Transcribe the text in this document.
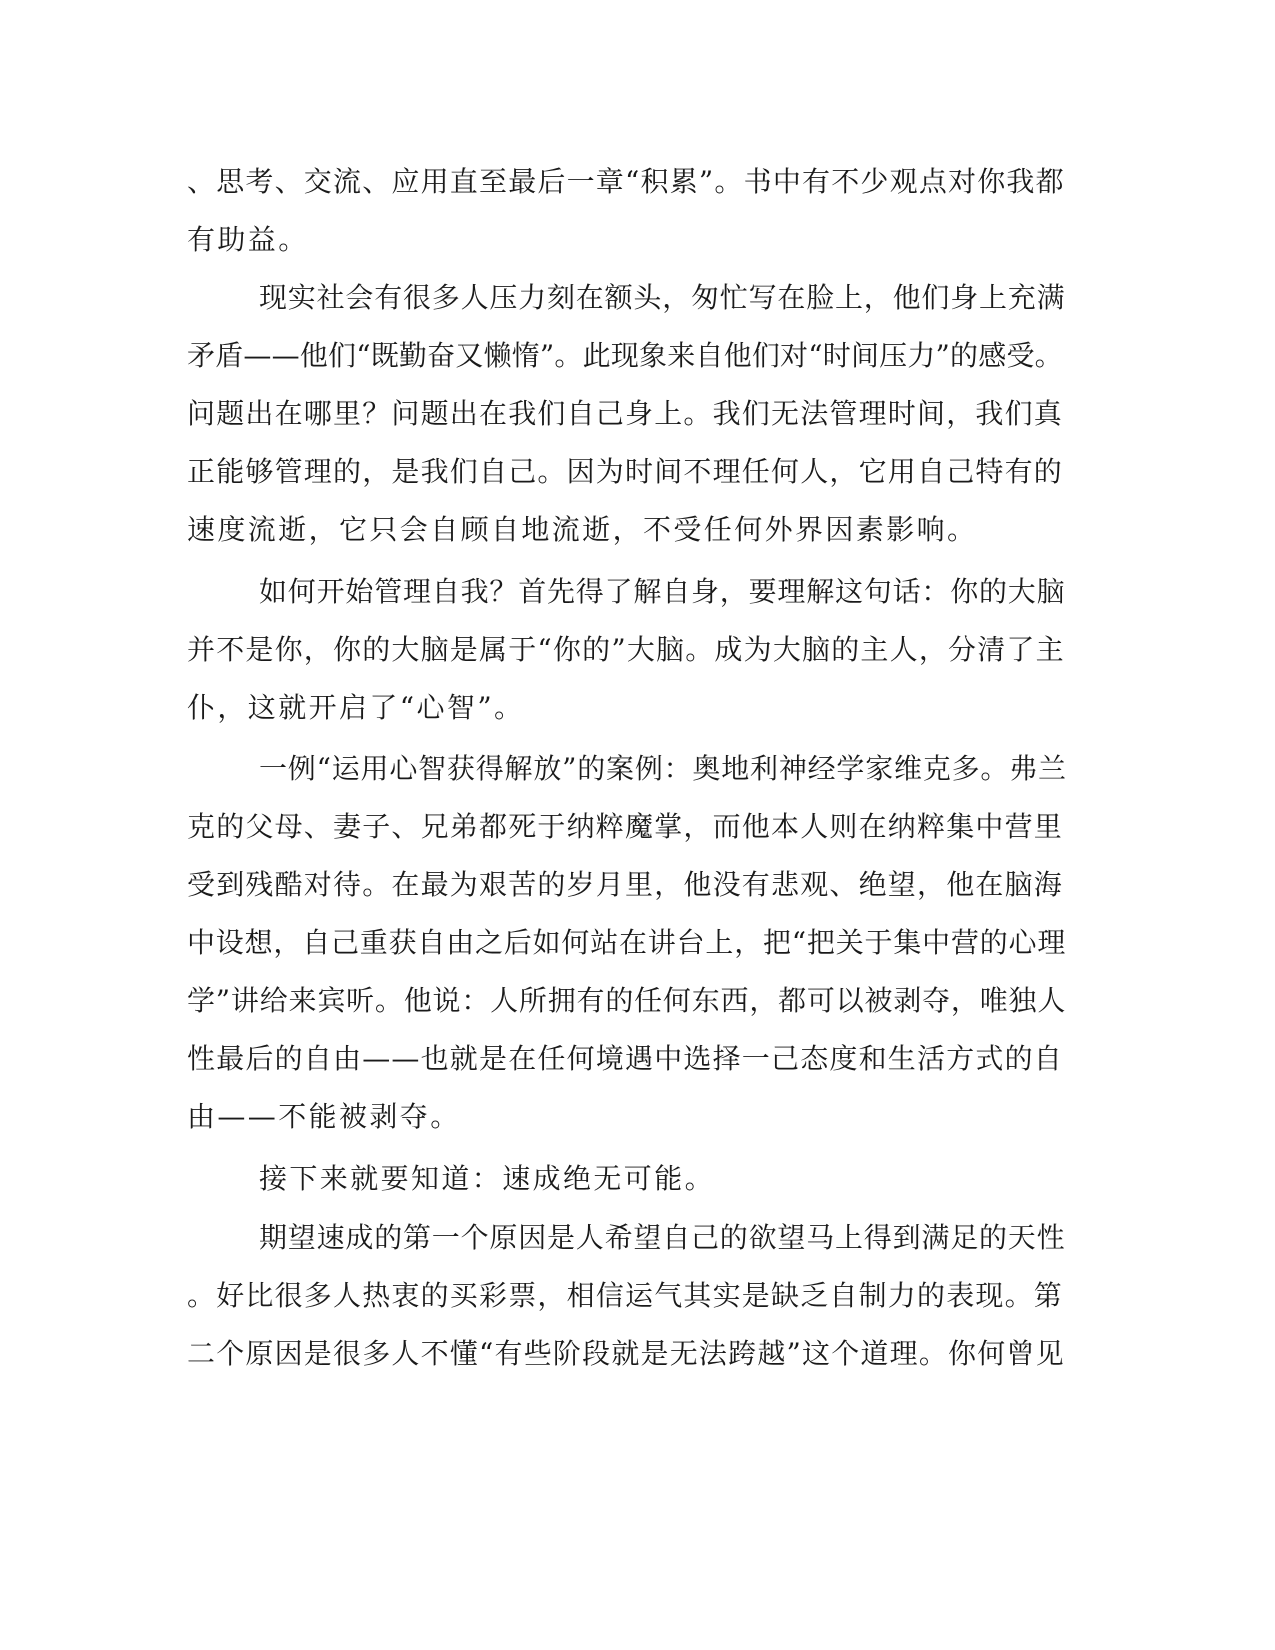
、思考、交流、应用直至最后一章“积累”。书中有不少观点对你我都

有助益。

现实社会有很多人压力刻在额头，匆忙写在脸上，他们身上充满

矛盾——他们“既勤奋又懒惰”。此现象来自他们对“时间压力”的感受。

问题出在哪里？问题出在我们自己身上。我们无法管理时间，我们真

正能够管理的，是我们自己。因为时间不理任何人，它用自己特有的

速度流逝，它只会自顾自地流逝，不受任何外界因素影响。

如何开始管理自我？首先得了解自身，要理解这句话：你的大脑

并不是你，你的大脑是属于“你的”大脑。成为大脑的主人，分清了主

仆，这就开启了“心智”。

一例“运用心智获得解放”的案例：奥地利神经学家维克多。弗兰

克的父母、妻子、兄弟都死于纳粹魔掌，而他本人则在纳粹集中营里

受到残酷对待。在最为艰苦的岁月里，他没有悲观、绝望，他在脑海

中设想，自己重获自由之后如何站在讲台上，把“把关于集中营的心理

学”讲给来宾听。他说：人所拥有的任何东西，都可以被剥夺，唯独人

性最后的自由——也就是在任何境遇中选择一己态度和生活方式的自

由——不能被剥夺。

接下来就要知道：速成绝无可能。

期望速成的第一个原因是人希望自己的欲望马上得到满足的天性

。好比很多人热衷的买彩票，相信运气其实是缺乏自制力的表现。第

二个原因是很多人不懂“有些阶段就是无法跨越”这个道理。你何曾见
